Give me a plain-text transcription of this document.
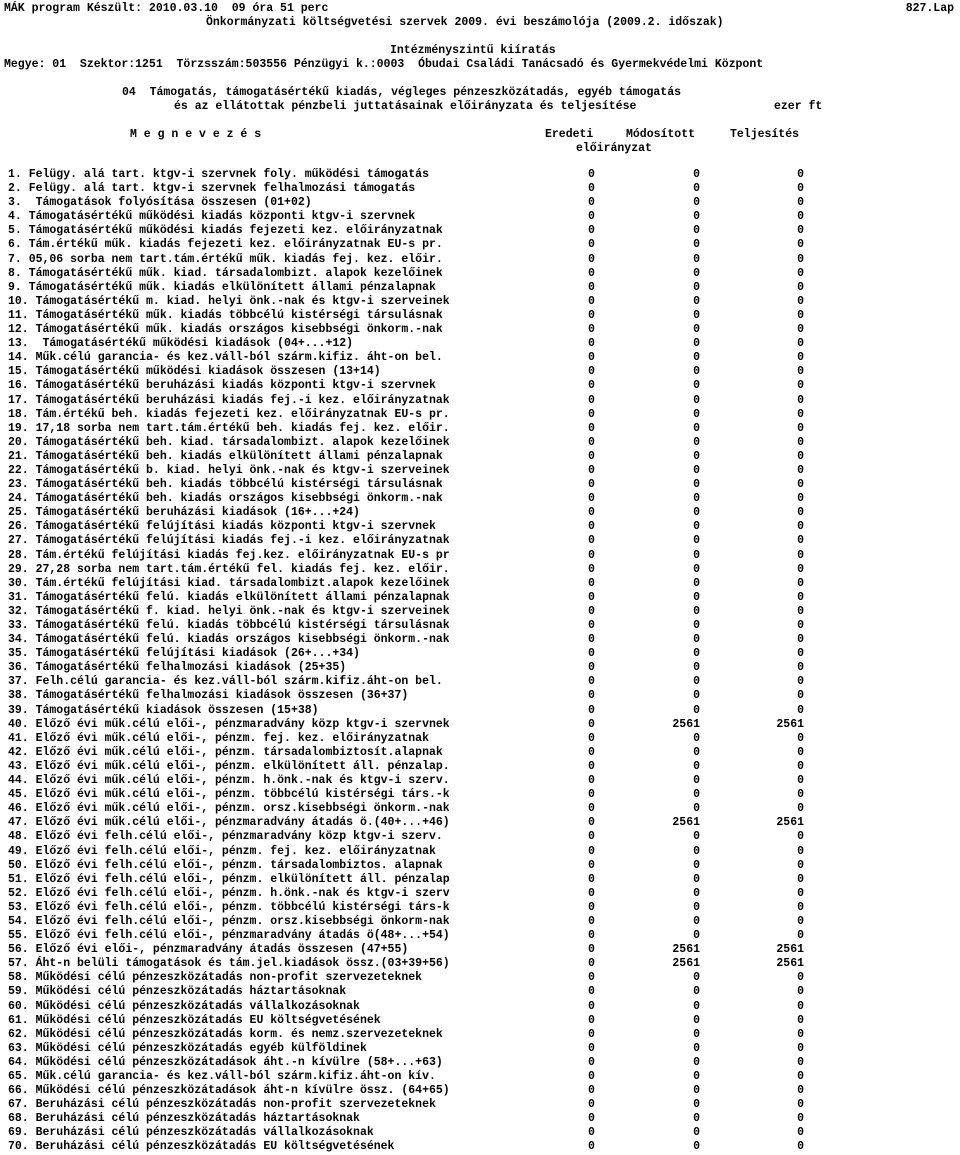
MÁK program Készült: 2010.03.10  09 óra 51 perc	827.Lap
Önkormányzati költségvetési szervek 2009. évi beszámolója (2009.2. időszak)
Intézményszintű kiíratás
Megye: 01  Szektor:1251  Törzsszám:503556 Pénzügyi k.:0003  Óbudai Családi Tanácsadó és Gyermekvédelmi Központ
04  Támogatás, támogatásértékű kiadás, végleges pénzeszközátadás, egyéb támogatás
és az ellátottak pénzbeli juttatásainak előirányzata és teljesítése	ezer ft
M e g n e v e z é s	Eredeti	Módosított	Teljesítés
előirányzat
1. Felügy. alá tart. ktgv-i szervnek foly. működési támogatás	0	0	0
2. Felügy. alá tart. ktgv-i szervnek felhalmozási támogatás	0	0	0
3.  Támogatások folyósítása összesen (01+02)	0	0	0
4. Támogatásértékű működési kiadás központi ktgv-i szervnek	0	0	0
5. Támogatásértékű működési kiadás fejezeti kez. előirányzatnak	0	0	0
6. Tám.értékű műk. kiadás fejezeti kez. előirányzatnak EU-s pr.	0	0	0
7. 05,06 sorba nem tart.tám.értékű műk. kiadás fej. kez. előir.	0	0	0
8. Támogatásértékű műk. kiad. társadalombizt. alapok kezelőinek	0	0	0
9. Támogatásértékű műk. kiadás elkülönített állami pénzalapnak	0	0	0
10. Támogatásértékű m. kiad. helyi önk.-nak és ktgv-i szerveinek	0	0	0
11. Támogatásértékű műk. kiadás többcélú kistérségi társulásnak	0	0	0
12. Támogatásértékű műk. kiadás országos kisebbségi önkorm.-nak	0	0	0
13.  Támogatásértékű működési kiadások (04+...+12)	0	0	0
14. Műk.célú garancia- és kez.váll-ból szárm.kifiz. áht-on bel.	0	0	0
15. Támogatásértékű működési kiadások összesen (13+14)	0	0	0
16. Támogatásértékű beruházási kiadás központi ktgv-i szervnek	0	0	0
17. Támogatásértékű beruházási kiadás fej.-i kez. előirányzatnak	0	0	0
18. Tám.értékű beh. kiadás fejezeti kez. előirányzatnak EU-s pr.	0	0	0
19. 17,18 sorba nem tart.tám.értékű beh. kiadás fej. kez. előir.	0	0	0
20. Támogatásértékű beh. kiad. társadalombizt. alapok kezelőinek	0	0	0
21. Támogatásértékű beh. kiadás elkülönített állami pénzalapnak	0	0	0
22. Támogatásértékű b. kiad. helyi önk.-nak és ktgv-i szerveinek	0	0	0
23. Támogatásértékű beh. kiadás többcélú kistérségi társulásnak	0	0	0
24. Támogatásértékű beh. kiadás országos kisebbségi önkorm.-nak	0	0	0
25. Támogatásértékű beruházási kiadások (16+...+24)	0	0	0
26. Támogatásértékű felújítási kiadás központi ktgv-i szervnek	0	0	0
27. Támogatásértékű felújítási kiadás fej.-i kez. előirányzatnak	0	0	0
28. Tám.értékű felújítási kiadás fej.kez. előirányzatnak EU-s pr	0	0	0
29. 27,28 sorba nem tart.tám.értékű fel. kiadás fej. kez. előir.	0	0	0
30. Tám.értékű felújítási kiad. társadalombizt.alapok kezelőinek	0	0	0
31. Támogatásértékű felú. kiadás elkülönített állami pénzalapnak	0	0	0
32. Támogatásértékű f. kiad. helyi önk.-nak és ktgv-i szerveinek	0	0	0
33. Támogatásértékű felú. kiadás többcélú kistérségi társulásnak	0	0	0
34. Támogatásértékű felú. kiadás országos kisebbségi önkorm.-nak	0	0	0
35. Támogatásértékű felújítási kiadások (26+...+34)	0	0	0
36. Támogatásértékű felhalmozási kiadások (25+35)	0	0	0
37. Felh.célú garancia- és kez.váll-ból szárm.kifiz.áht-on bel.	0	0	0
38. Támogatásértékű felhalmozási kiadások összesen (36+37)	0	0	0
39. Támogatásértékű kiadások összesen (15+38)	0	0	0
40. Előző évi műk.célú elői-, pénzmaradvány közp ktgv-i szervnek	0	2561	2561
41. Előző évi műk.célú elői-, pénzm. fej. kez. előirányzatnak	0	0	0
42. Előző évi műk.célú elői-, pénzm. társadalombiztosít.alapnak	0	0	0
43. Előző évi műk.célú elői-, pénzm. elkülönített áll. pénzalap.	0	0	0
44. Előző évi műk.célú elői-, pénzm. h.önk.-nak és ktgv-i szerv.	0	0	0
45. Előző évi műk.célú elői-, pénzm. többcélú kistérségi társ.-k	0	0	0
46. Előző évi műk.célú elői-, pénzm. orsz.kisebbségi önkorm.-nak	0	0	0
47. Előző évi műk.célú elői-, pénzmaradvány átadás ö.(40+...+46)	0	2561	2561
48. Előző évi felh.célú elői-, pénzmaradvány közp ktgv-i szerv.	0	0	0
49. Előző évi felh.célú elői-, pénzm. fej. kez. előirányzatnak	0	0	0
50. Előző évi felh.célú elői-, pénzm. társadalombiztos. alapnak	0	0	0
51. Előző évi felh.célú elői-, pénzm. elkülönített áll. pénzalap	0	0	0
52. Előző évi felh.célú elői-, pénzm. h.önk.-nak és ktgv-i szerv	0	0	0
53. Előző évi felh.célú elői-, pénzm. többcélú kistérségi társ-k	0	0	0
54. Előző évi felh.célú elői-, pénzm. orsz.kisebbségi önkorm-nak	0	0	0
55. Előző évi felh.célú elői-, pénzmaradvány átadás ö(48+...+54)	0	0	0
56. Előző évi elői-, pénzmaradvány átadás összesen (47+55)	0	2561	2561
57. Áht-n belüli támogatások és tám.jel.kiadások össz.(03+39+56)	0	2561	2561
58. Működési célú pénzeszközátadás non-profit szervezeteknek	0	0	0
59. Működési célú pénzeszközátadás háztartásoknak	0	0	0
60. Működési célú pénzeszközátadás vállalkozásoknak	0	0	0
61. Működési célú pénzeszközátadás EU költségvetésének	0	0	0
62. Működési célú pénzeszközátadás korm. és nemz.szervezeteknek	0	0	0
63. Működési célú pénzeszközátadás egyéb külföldinek	0	0	0
64. Működési célú pénzeszközátadások áht.-n kívülre (58+...+63)	0	0	0
65. Műk.célú garancia- és kez.váll-ból szárm.kifiz.áht-on kív.	0	0	0
66. Működési célú pénzeszközátadások áht-n kívülre össz. (64+65)	0	0	0
67. Beruházási célú pénzeszközátadás non-profit szervezeteknek	0	0	0
68. Beruházási célú pénzeszközátadás háztartásoknak	0	0	0
69. Beruházási célú pénzeszközátadás vállalkozásoknak	0	0	0
70. Beruházási célú pénzeszközátadás EU költségvetésének	0	0	0
